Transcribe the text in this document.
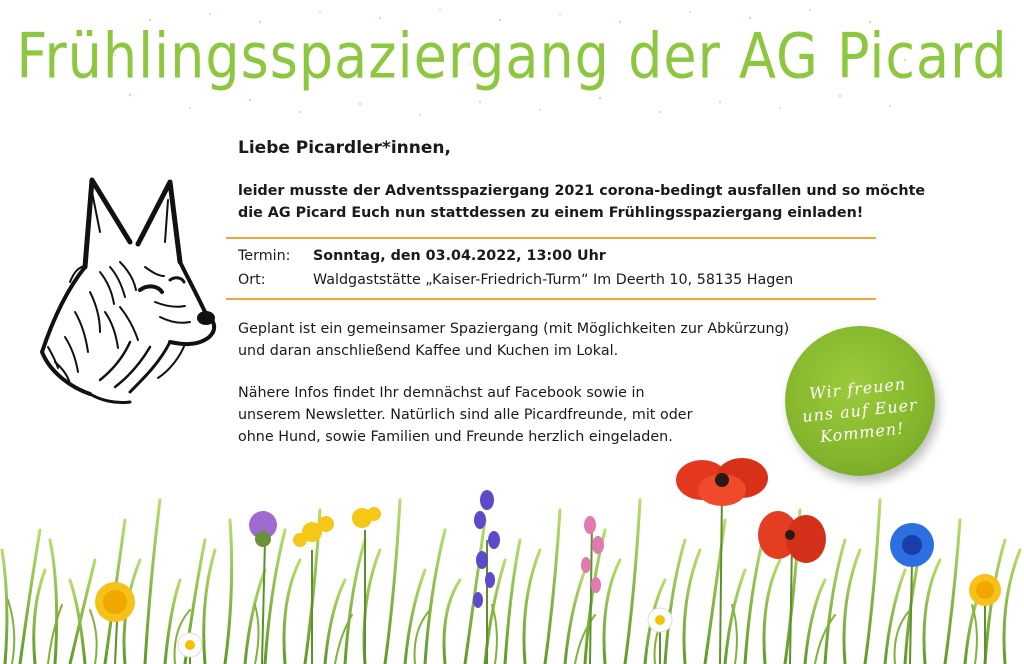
Frühlingsspaziergang der AG Picard
Liebe Picardler*innen,
leider musste der Adventsspaziergang 2021 corona-bedingt ausfallen und so möchte
die AG Picard Euch nun stattdessen zu einem Frühlingsspaziergang einladen!
Termin: Sonntag, den 03.04.2022, 13:00 Uhr
Ort:	Waldgaststätte „Kaiser-Friedrich-Turm“ Im Deerth 10, 58135 Hagen
Geplant ist ein gemeinsamer Spaziergang (mit Möglichkeiten zur Abkürzung)
und daran anschließend Kaffee und Kuchen im Lokal.
Nähere Infos findet Ihr demnächst auf Facebook sowie in
unserem Newsletter. Natürlich sind alle Picardfreunde, mit oder
ohne Hund, sowie Familien und Freunde herzlich eingeladen.
Wir freuen
uns auf Euer
Kommen!
